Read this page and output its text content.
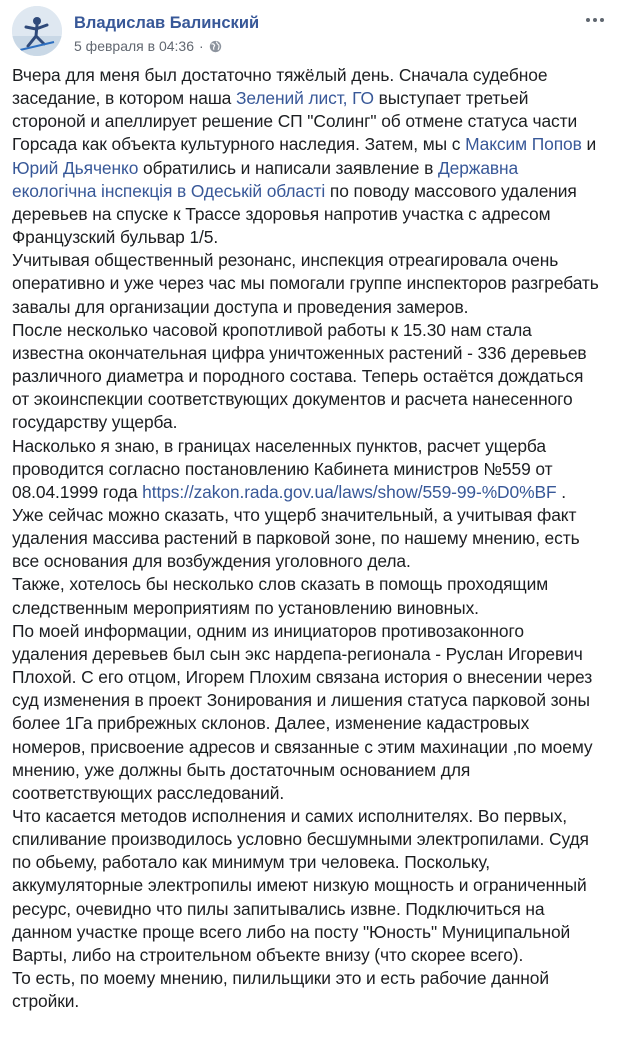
Владислав Балинский
5 февраля в 04:36 ·

Вчера для меня был достаточно тяжёлый день. Сначала судебное заседание, в котором наша Зелений лист, ГО выступает третьей стороной и апеллирует решение СП "Солинг" об отмене статуса части Горсада как объекта культурного наследия. Затем, мы с Максим Попов и Юрий Дьяченко обратились и написали заявление в Державна екологічна інспекція в Одеській області по поводу массового удаления деревьев на спуске к Трассе здоровья напротив участка с адресом Французский бульвар 1/5.

Учитывая общественный резонанс, инспекция отреагировала очень оперативно и уже через час мы помогали группе инспекторов разгребать завалы для организации доступа и проведения замеров.

После несколько часовой кропотливой работы к 15.30 нам стала известна окончательная цифра уничтоженных растений - 336 деревьев различного диаметра и породного состава. Теперь остаётся дождаться от экоинспекции соответствующих документов и расчета нанесенного государству ущерба.

Насколько я знаю, в границах населенных пунктов, расчет ущерба проводится согласно постановлению Кабинета министров №559 от 08.04.1999 года https://zakon.rada.gov.ua/laws/show/559-99-%D0%BF .

Уже сейчас можно сказать, что ущерб значительный, а учитывая факт удаления массива растений в парковой зоне, по нашему мнению, есть все основания для возбуждения уголовного дела.

Также, хотелось бы несколько слов сказать в помощь проходящим следственным мероприятиям по установлению виновных.

По моей информации, одним из инициаторов противозаконного удаления деревьев был сын экс нардепа-регионала - Руслан Игоревич Плохой. С его отцом, Игорем Плохим связана история о внесении через суд изменения в проект Зонирования и лишения статуса парковой зоны более 1Га прибрежных склонов. Далее, изменение кадастровых номеров, присвоение адресов и связанные с этим махинации ,по моему мнению, уже должны быть достаточным основанием для соответствующих расследований.

Что касается методов исполнения и самих исполнителях. Во первых, спиливание производилось условно бесшумными электропилами. Судя по обьему, работало как минимум три человека. Поскольку, аккумуляторные электропилы имеют низкую мощность и ограниченный ресурс, очевидно что пилы запитывались извне. Подключиться на данном участке проще всего либо на посту "Юность" Муниципальной Варты, либо на строительном объекте внизу (что скорее всего).

То есть, по моему мнению, пилильщики это и есть рабочие данной стройки.
